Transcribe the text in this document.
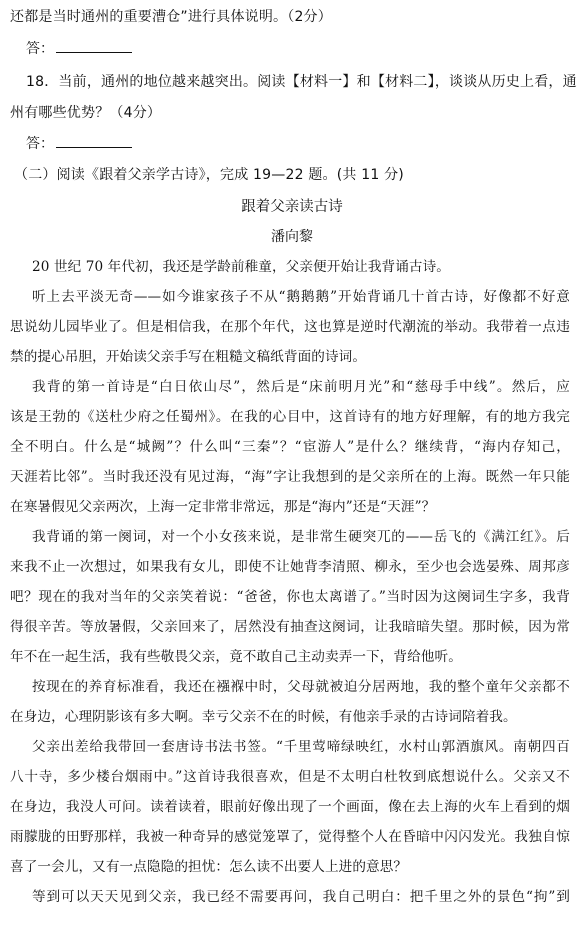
还都是当时通州的重要漕仓”进行具体说明。（2分）
答：
18．当前，通州的地位越来越突出。阅读【材料一】和【材料二】，谈谈从历史上看，通
州有哪些优势？（4分）
答：
（二）阅读《跟着父亲学古诗》，完成 19—22 题。(共 11 分)
跟着父亲读古诗
潘向黎
20 世纪 70 年代初，我还是学龄前稚童，父亲便开始让我背诵古诗。
听上去平淡无奇——如今谁家孩子不从“鹅鹅鹅”开始背诵几十首古诗，好像都不好意
思说幼儿园毕业了。但是相信我，在那个年代，这也算是逆时代潮流的举动。我带着一点违
禁的提心吊胆，开始读父亲手写在粗糙文稿纸背面的诗词。
我背的第一首诗是“白日依山尽”，然后是“床前明月光”和“慈母手中线”。然后，应
该是王勃的《送杜少府之任蜀州》。在我的心目中，这首诗有的地方好理解，有的地方我完
全不明白。什么是“城阙”？什么叫“三秦”？“宦游人”是什么？继续背，“海内存知己，
天涯若比邻”。当时我还没有见过海，“海”字让我想到的是父亲所在的上海。既然一年只能
在寒暑假见父亲两次，上海一定非常非常远，那是“海内”还是“天涯”？
我背诵的第一阕词，对一个小女孩来说，是非常生硬突兀的——岳飞的《满江红》。后
来我不止一次想过，如果我有女儿，即使不让她背李清照、柳永，至少也会选晏殊、周邦彦
吧？现在的我对当年的父亲笑着说：“爸爸，你也太离谱了。”当时因为这阕词生字多，我背
得很辛苦。等放暑假，父亲回来了，居然没有抽查这阕词，让我暗暗失望。那时候，因为常
年不在一起生活，我有些敬畏父亲，竟不敢自己主动卖弄一下，背给他听。
按现在的养育标准看，我还在襁褓中时，父母就被迫分居两地，我的整个童年父亲都不
在身边，心理阴影该有多大啊。幸亏父亲不在的时候，有他亲手录的古诗词陪着我。
父亲出差给我带回一套唐诗书法书签。“千里莺啼绿映红，水村山郭酒旗风。南朝四百
八十寺，多少楼台烟雨中。”这首诗我很喜欢，但是不太明白杜牧到底想说什么。父亲又不
在身边，我没人可问。读着读着，眼前好像出现了一个画面，像在去上海的火车上看到的烟
雨朦胧的田野那样，我被一种奇异的感觉笼罩了，觉得整个人在昏暗中闪闪发光。我独自惊
喜了一会儿，又有一点隐隐的担忧：怎么读不出要人上进的意思？
等到可以天天见到父亲，我已经不需要再问，我自己明白：把千里之外的景色“拘”到
